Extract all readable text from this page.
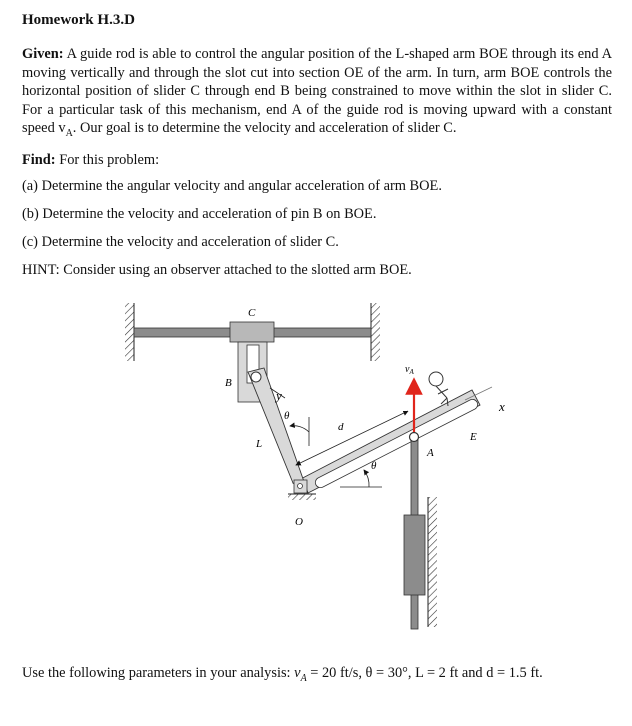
Homework H.3.D
Given: A guide rod is able to control the angular position of the L-shaped arm BOE through its end A moving vertically and through the slot cut into section OE of the arm. In turn, arm BOE controls the horizontal position of slider C through end B being constrained to move within the slot in slider C. For a particular task of this mechanism, end A of the guide rod is moving upward with a constant speed $v_A$. Our goal is to determine the velocity and acceleration of slider C.
Find: For this problem:
(a) Determine the angular velocity and angular acceleration of arm BOE.
(b) Determine the velocity and acceleration of pin B on BOE.
(c) Determine the velocity and acceleration of slider C.
HINT: Consider using an observer attached to the slotted arm BOE.
C
B
y
θ
L
d
θ
O
$v_A$
A
E
x
Use the following parameters in your analysis: $v_A = 20$ ft/s, θ = 30°, L = 2 ft and d = 1.5 ft.
